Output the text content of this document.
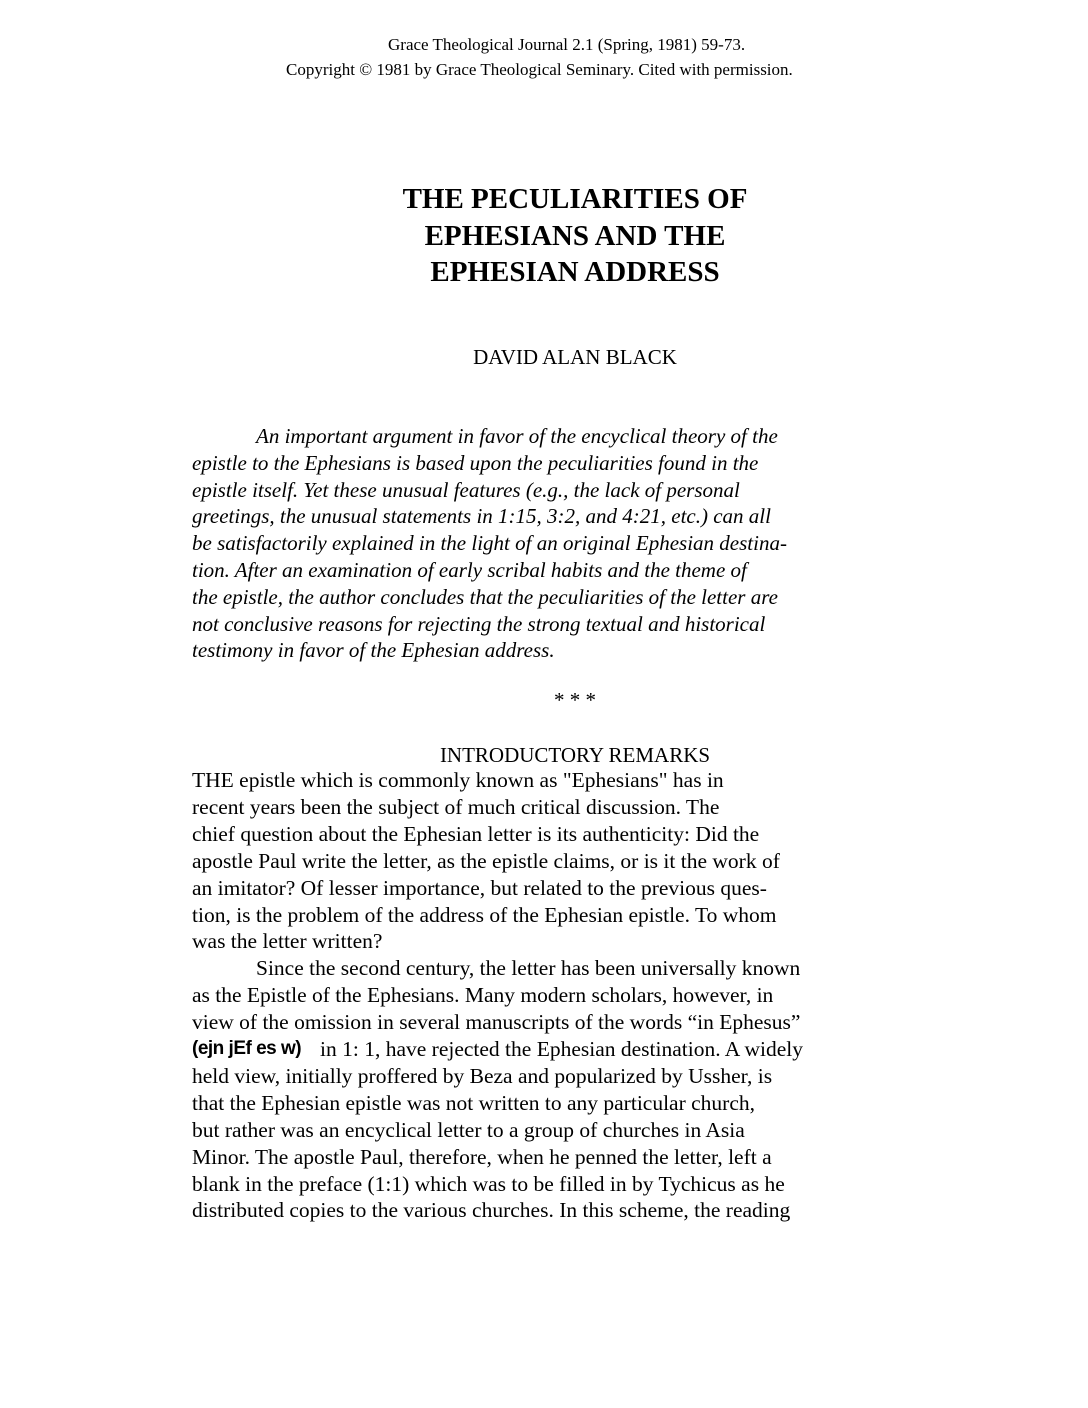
Grace Theological Journal 2.1 (Spring, 1981) 59-73.
Copyright © 1981 by Grace Theological Seminary. Cited with permission.
DAVID ALAN BLACK
* * *
INTRODUCTORY REMARKS
THE PECULIARITIES OF
EPHESIANS AND THE
EPHESIAN ADDRESS
An important argument in favor of the encyclical theory of the
epistle to the Ephesians is based upon the peculiarities found in the
epistle itself. Yet these unusual features (e.g., the lack of personal
greetings, the unusual statements in 1:15, 3:2, and 4:21, etc.) can all
be satisfactorily explained in the light of an original Ephesian destina-
tion. After an examination of early scribal habits and the theme of
the epistle, the author concludes that the peculiarities of the letter are
not conclusive reasons for rejecting the strong textual and historical
testimony in favor of the Ephesian address.
THE epistle which is commonly known as "Ephesians" has in
recent years been the subject of much critical discussion. The
chief question about the Ephesian letter is its authenticity: Did the
apostle Paul write the letter, as the epistle claims, or is it the work of
an imitator? Of lesser importance, but related to the previous ques-
tion, is the problem of the address of the Ephesian epistle. To whom
was the letter written?
Since the second century, the letter has been universally known
as the Epistle of the Ephesians. Many modern scholars, however, in
view of the omission in several manuscripts of the words “in Ephesus”
in 1: 1, have rejected the Ephesian destination. A widely
held view, initially proffered by Beza and popularized by Ussher, is
that the Ephesian epistle was not written to any particular church,
but rather was an encyclical letter to a group of churches in Asia
Minor. The apostle Paul, therefore, when he penned the letter, left a
blank in the preface (1:1) which was to be filled in by Tychicus as he
distributed copies to the various churches. In this scheme, the reading
(ejn jEf es w)
